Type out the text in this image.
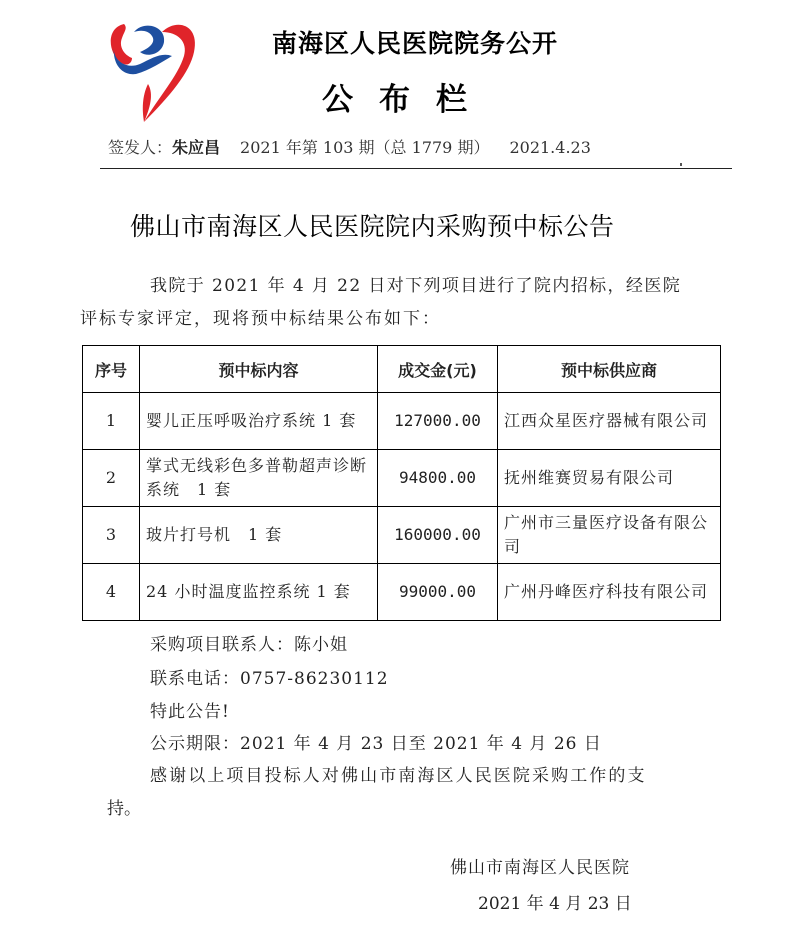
南海区人民医院院务公开
公布栏
签发人：朱应昌 2021 年第 103 期（总 1779 期） 2021.4.23
佛山市南海区人民医院院内采购预中标公告
我院于 2021 年 4 月 22 日对下列项目进行了院内招标，经医院
评标专家评定，现将预中标结果公布如下：
序号	预中标内容	成交金(元)	预中标供应商
1	婴儿正压呼吸治疗系统 1 套	127000.00	江西众星医疗器械有限公司
2	掌式无线彩色多普勒超声诊断系统　1 套	94800.00	抚州维赛贸易有限公司
3	玻片打号机　1 套	160000.00	广州市三量医疗设备有限公司
4	24 小时温度监控系统 1 套	99000.00	广州丹峰医疗科技有限公司
采购项目联系人：陈小姐
联系电话：0757-86230112
特此公告!
公示期限：2021 年 4 月 23 日至 2021 年 4 月 26 日
感谢以上项目投标人对佛山市南海区人民医院采购工作的支
持。
佛山市南海区人民医院
2021 年 4 月 23 日
